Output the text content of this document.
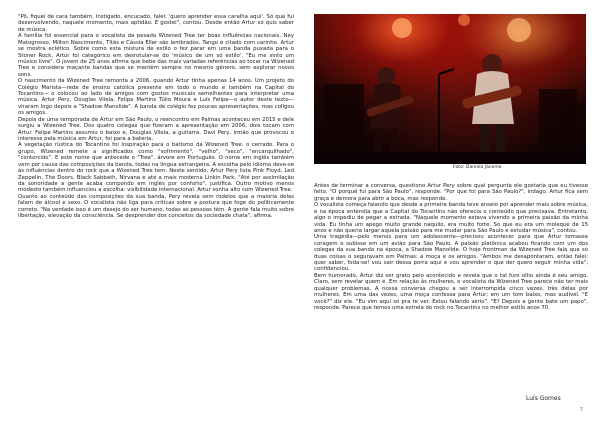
"Pô, fiquei de cara também. Instigado, encucado, falei: 'quero aprender essa caralha aqui'. Só que fui desenvolvendo, naquele momento, mais aptidão. E gostei", contou. Desde então Artur só quis saber de música.

A família foi essencial para o vocalista da pesada Wizened Tree ter boas influências nacionais. Ney Matogrosso, Milton Nascimento, Títãs e Cássia Eller são lembrados. Tango é citado com carinho. Artur se mostra eclético. Sobre como esta mistura de estilo o fez parar em uma banda puxada para o Stoner Rock, Artur foi categórico em desrotular-se do 'músico de um só estilo'. "Eu me sinto um músico livre". O jovem de 25 anos afirma que bebe das mais variadas referências ao tocar na Wizened Tree e considera maçante bandas que se mantêm sempre no mesmo gênero, sem explorar novos sons.

O nascimento da Wizened Tree remonta a 2006, quando Artur tinha apenas 14 anos. Um projeto do Colégio Marista—rede de ensino católica presente em todo o mundo e também na Capital do Tocantins— o colocou ao lado de amigos com gostos musicais semelhantes para interpretar uma música. Artur Pery, Douglas Vilela, Felipe Martins Túlio Moura e Luís Felipe—o autor deste texto—viraram logo depois a "Shadow Manolide". A banda de colégio fez poucas apresentações, mas coligou os amigos.

Depois de uma temporada de Artur em São Paulo, o reencontro em Palmas aconteceu em 2015 e dele surgiu a Wizened Tree. Dos quatro colegas que fizeram a apresentação em 2006, dois tocam com Artur. Felipe Martins assumiu o baixo e, Douglas Vilela, a guitarra. Davi Pery, irmão que provocou o interesse pela música em Artur, foi para a bateria.

A vegetação rústica do Tocantins foi inspiração para o batismo da Wizened Tree: o cerrado. Para o grupo, Wizened remete a significados como "sofrimento", "velho", "seco", "encarquilhado", "contorcido". E este nome que antecede o "Tree", árvore em Português. O nome em inglês também vem por causa das composições da banda, todas na língua estrangeira. A escolha pelo idioma deve-se às influências dentro do rock que a Wizened Tree tem. Neste sentido, Artur Pery lista Pink Floyd, Led Zeppelin, The Doors, Black Sabbath, Nirvana e até a mais moderna Linkin Park. "Até por assimilação da sonoridade a gente acaba compondo em inglês por conforto", justifica. Outro motivo menos modesto também influenciou a escolha: visibilidade internacional. Artur sonha alto com Wizened Tree.

Quanto ao conteúdo das composições da sua banda, Pery revela sem rodeios que a maioria delas falam de álcool e sexo. O vocalista não liga para críticas sobre a postura que foge do politicamente correto. "Na verdade isso é um desejo do ser humano, todas as pessoas têm. A gente fala muito sobre libertação, elevação da consciência. Se desprender dos conceitos da sociedade chata", afirma.

Foto: Daniela Jácome

Antes de terminar a conversa, questiono Artur Pery sobre qual pergunta ele gostaria que eu tivesse feito. "O porquê fui para São Paulo", responde. "Por que foi para São Paulo?", indago. Artur fica sem graça e demora para abrir a boca, mas responde.

O vocalista começa falando que desde a primeira banda teve anseio por aprender mais sobre música, e na época entendia que a Capital do Tocantins não oferecia o conteúdo que precisava. Entretanto, algo o impediu de pegar a estrada. "Naquele momento estava vivendo a primeira paixão da minha vida. Eu tinha um apego muito grande naquilo, era muito forte. Só que eu era um moleque de 15 anos e não queria largar aquela paixão para me mudar para São Paulo e estudar música", contou.

Uma tragédia—pelo menos para um adolescente—precisou acontecer para que Artur tomasse coragem e subisse em um avião para São Paulo. A paixão platônica acabou ficando com um dos colegas da sua banda na época, a Shadow Manolide. O hoje frontman da Wizened Tree fala que só duas coisas o seguravam em Palmas: a moça e os amigos. "Ambos me desapontaram, então falei: quer saber, foda-se! vou sair dessa porra aqui e vou aprender o que der quero seguir minha vida", confidenciou.

Bem humorado, Artur diz ser grato pelo acontecido e revela que o tal furo olho ainda é seu amigo. Claro, sem revelar quem é. Em relação às mulheres, o vocalista da Wizened Tree parece não ter mais qualquer problemas. A nossa conversa chegou a ser interrompida cinco vezes, três delas por mulheres. Em uma das vezes, uma moça confessa para Artur; em um tom baixo, mas audível. "E você?" diz ele. "Eu vim aqui só pra te ver. Estou falando sério". "E? Depois a gente bate um papo", responde. Parece que temos uma estrela do rock no Tocantins no melhor estilo anos 70.

Luís Gomes
7
